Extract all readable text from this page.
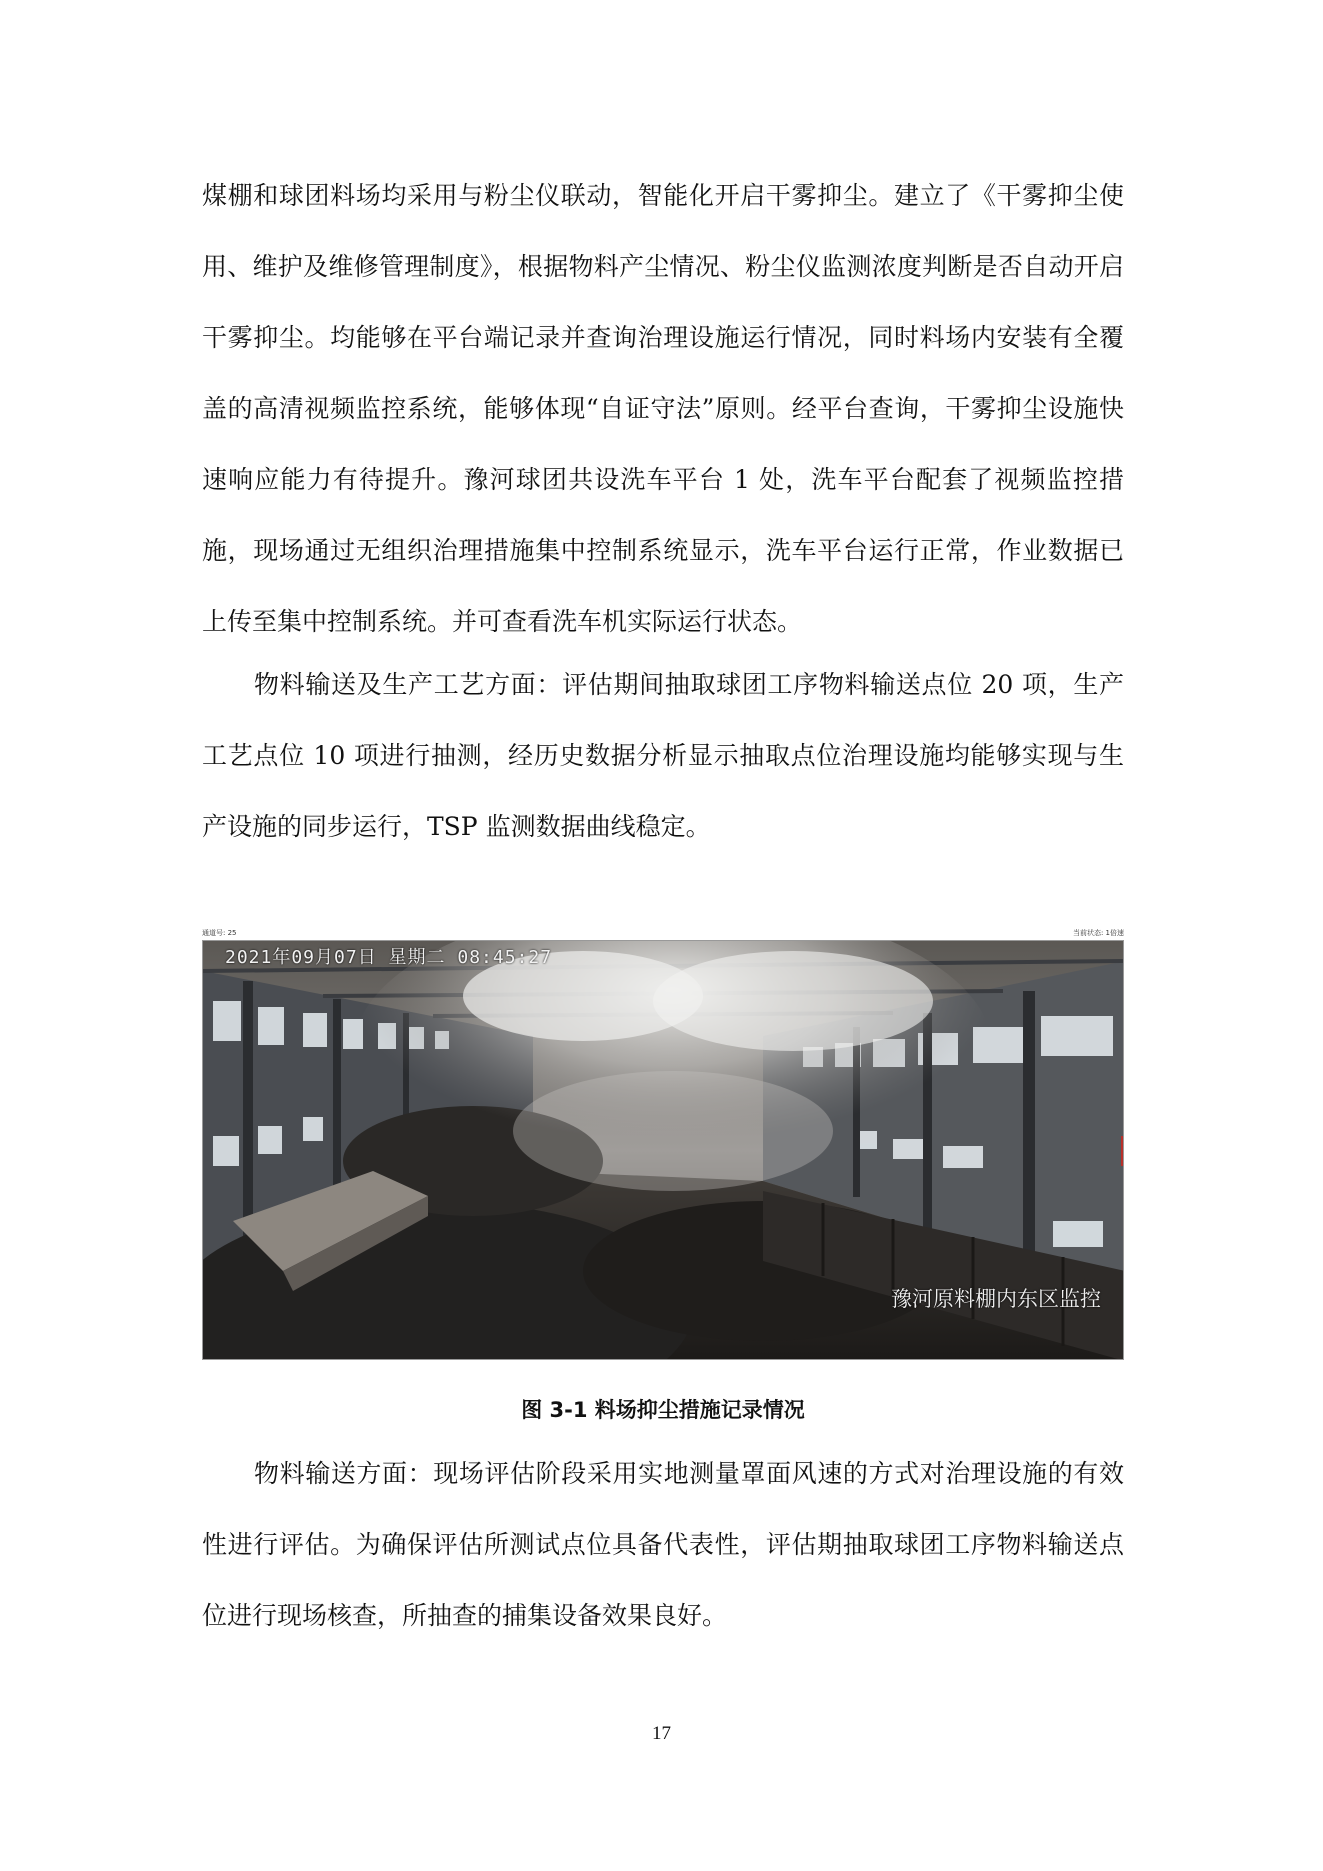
煤棚和球团料场均采用与粉尘仪联动，智能化开启干雾抑尘。建立了《干雾抑尘使用、维护及维修管理制度》，根据物料产尘情况、粉尘仪监测浓度判断是否自动开启干雾抑尘。均能够在平台端记录并查询治理设施运行情况，同时料场内安装有全覆盖的高清视频监控系统，能够体现“自证守法”原则。经平台查询，干雾抑尘设施快速响应能力有待提升。豫河球团共设洗车平台 1 处，洗车平台配套了视频监控措施，现场通过无组织治理措施集中控制系统显示，洗车平台运行正常，作业数据已上传至集中控制系统。并可查看洗车机实际运行状态。

物料输送及生产工艺方面：评估期间抽取球团工序物料输送点位 20 项，生产工艺点位 10 项进行抽测，经历史数据分析显示抽取点位治理设施均能够实现与生产设施的同步运行，TSP 监测数据曲线稳定。

通道号: 25	当前状态: 1倍速
2021年09月07日 星期二 08:45:27
豫河原料棚内东区监控

图 3-1 料场抑尘措施记录情况

物料输送方面：现场评估阶段采用实地测量罩面风速的方式对治理设施的有效性进行评估。为确保评估所测试点位具备代表性，评估期抽取球团工序物料输送点位进行现场核查，所抽查的捕集设备效果良好。

17
